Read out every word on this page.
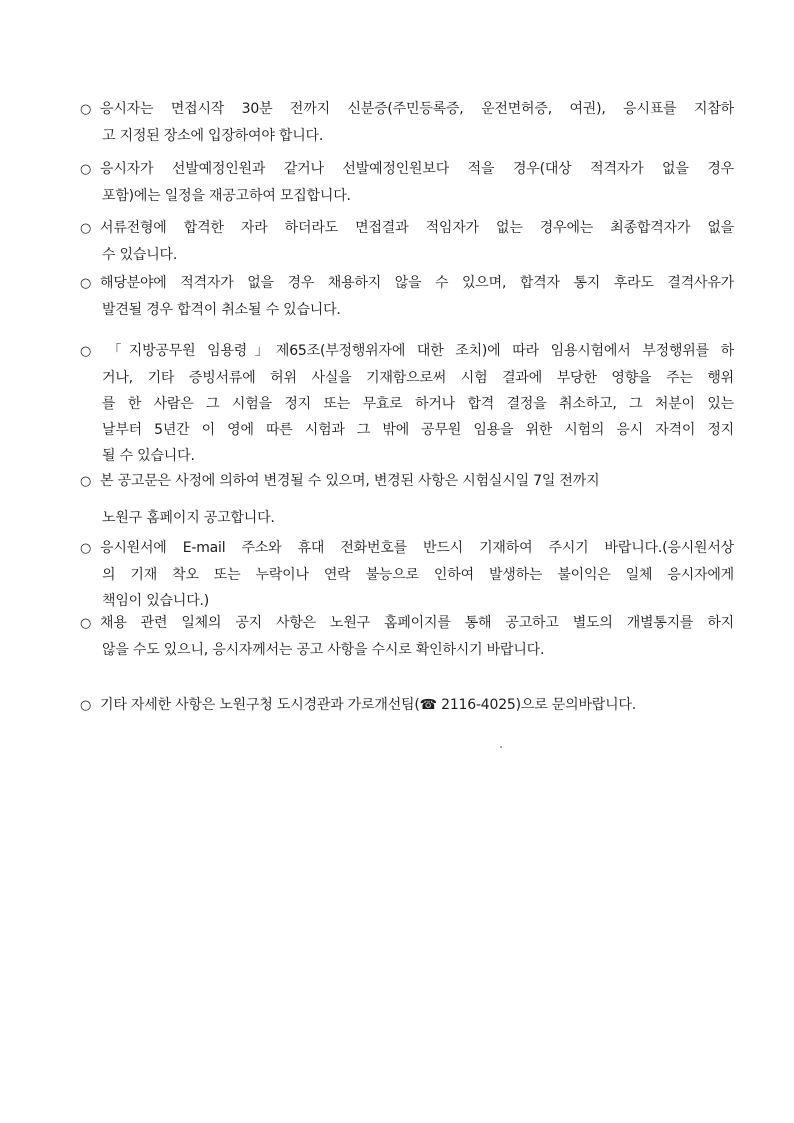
○ 응시자는 면접시작 30분 전까지 신분증(주민등록증, 운전면허증, 여권), 응시표를 지참하
고 지정된 장소에 입장하여야 합니다.
○ 응시자가 선발예정인원과 같거나 선발예정인원보다 적을 경우(대상 적격자가 없을 경우
포함)에는 일정을 재공고하여 모집합니다.
○ 서류전형에 합격한 자라 하더라도 면접결과 적임자가 없는 경우에는 최종합격자가 없을
수 있습니다.
○ 해당분야에 적격자가 없을 경우 채용하지 않을 수 있으며, 합격자 통지 후라도 결격사유가
발견될 경우 합격이 취소될 수 있습니다.
○ 「지방공무원 임용령」제65조(부정행위자에 대한 조치)에 따라 임용시험에서 부정행위를 하
거나, 기타 증빙서류에 허위 사실을 기재함으로써 시험 결과에 부당한 영향을 주는 행위
를 한 사람은 그 시험을 정지 또는 무효로 하거나 합격 결정을 취소하고, 그 처분이 있는
날부터 5년간 이 영에 따른 시험과 그 밖에 공무원 임용을 위한 시험의 응시 자격이 정지
될 수 있습니다.
○ 본 공고문은 사정에 의하여 변경될 수 있으며, 변경된 사항은 시험실시일 7일 전까지
노원구 홈페이지 공고합니다.
○ 응시원서에 E-mail 주소와 휴대 전화번호를 반드시 기재하여 주시기 바랍니다.(응시원서상
의 기재 착오 또는 누락이나 연락 불능으로 인하여 발생하는 불이익은 일체 응시자에게
책임이 있습니다.)
○ 채용 관련 일체의 공지 사항은 노원구 홈페이지를 통해 공고하고 별도의 개별통지를 하지
않을 수도 있으니, 응시자께서는 공고 사항을 수시로 확인하시기 바랍니다.
○ 기타 자세한 사항은 노원구청 도시경관과 가로개선팀(☎ 2116-4025)으로 문의바랍니다.
